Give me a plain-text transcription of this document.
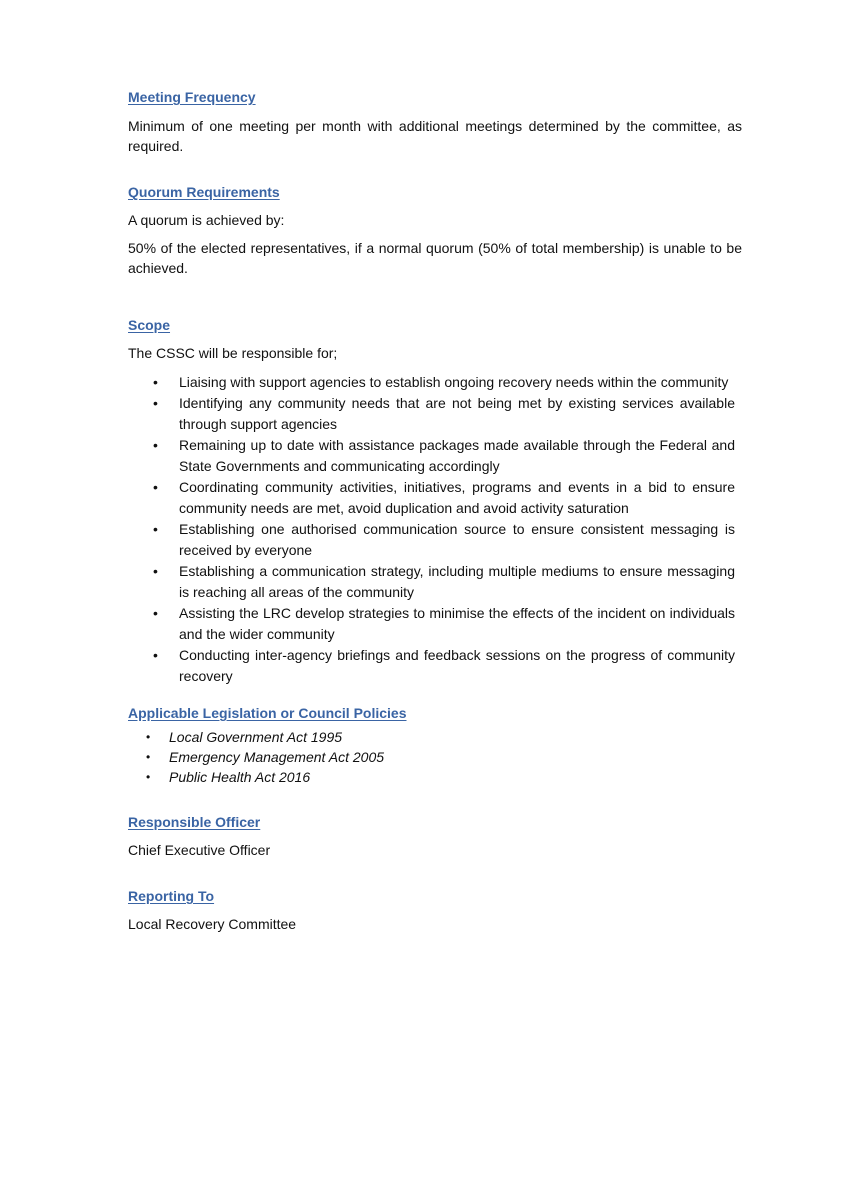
Meeting Frequency

Minimum of one meeting per month with additional meetings determined by the committee, as required.

Quorum Requirements

A quorum is achieved by:

50% of the elected representatives, if a normal quorum (50% of total membership) is unable to be achieved.

Scope

The CSSC will be responsible for;

• Liaising with support agencies to establish ongoing recovery needs within the community
• Identifying any community needs that are not being met by existing services available through support agencies
• Remaining up to date with assistance packages made available through the Federal and State Governments and communicating accordingly
• Coordinating community activities, initiatives, programs and events in a bid to ensure community needs are met, avoid duplication and avoid activity saturation
• Establishing one authorised communication source to ensure consistent messaging is received by everyone
• Establishing a communication strategy, including multiple mediums to ensure messaging is reaching all areas of the community
• Assisting the LRC develop strategies to minimise the effects of the incident on individuals and the wider community
• Conducting inter-agency briefings and feedback sessions on the progress of community recovery
Applicable Legislation or Council Policies
• Local Government Act 1995
• Emergency Management Act 2005
• Public Health Act 2016
Responsible Officer

Chief Executive Officer

Reporting To

Local Recovery Committee
